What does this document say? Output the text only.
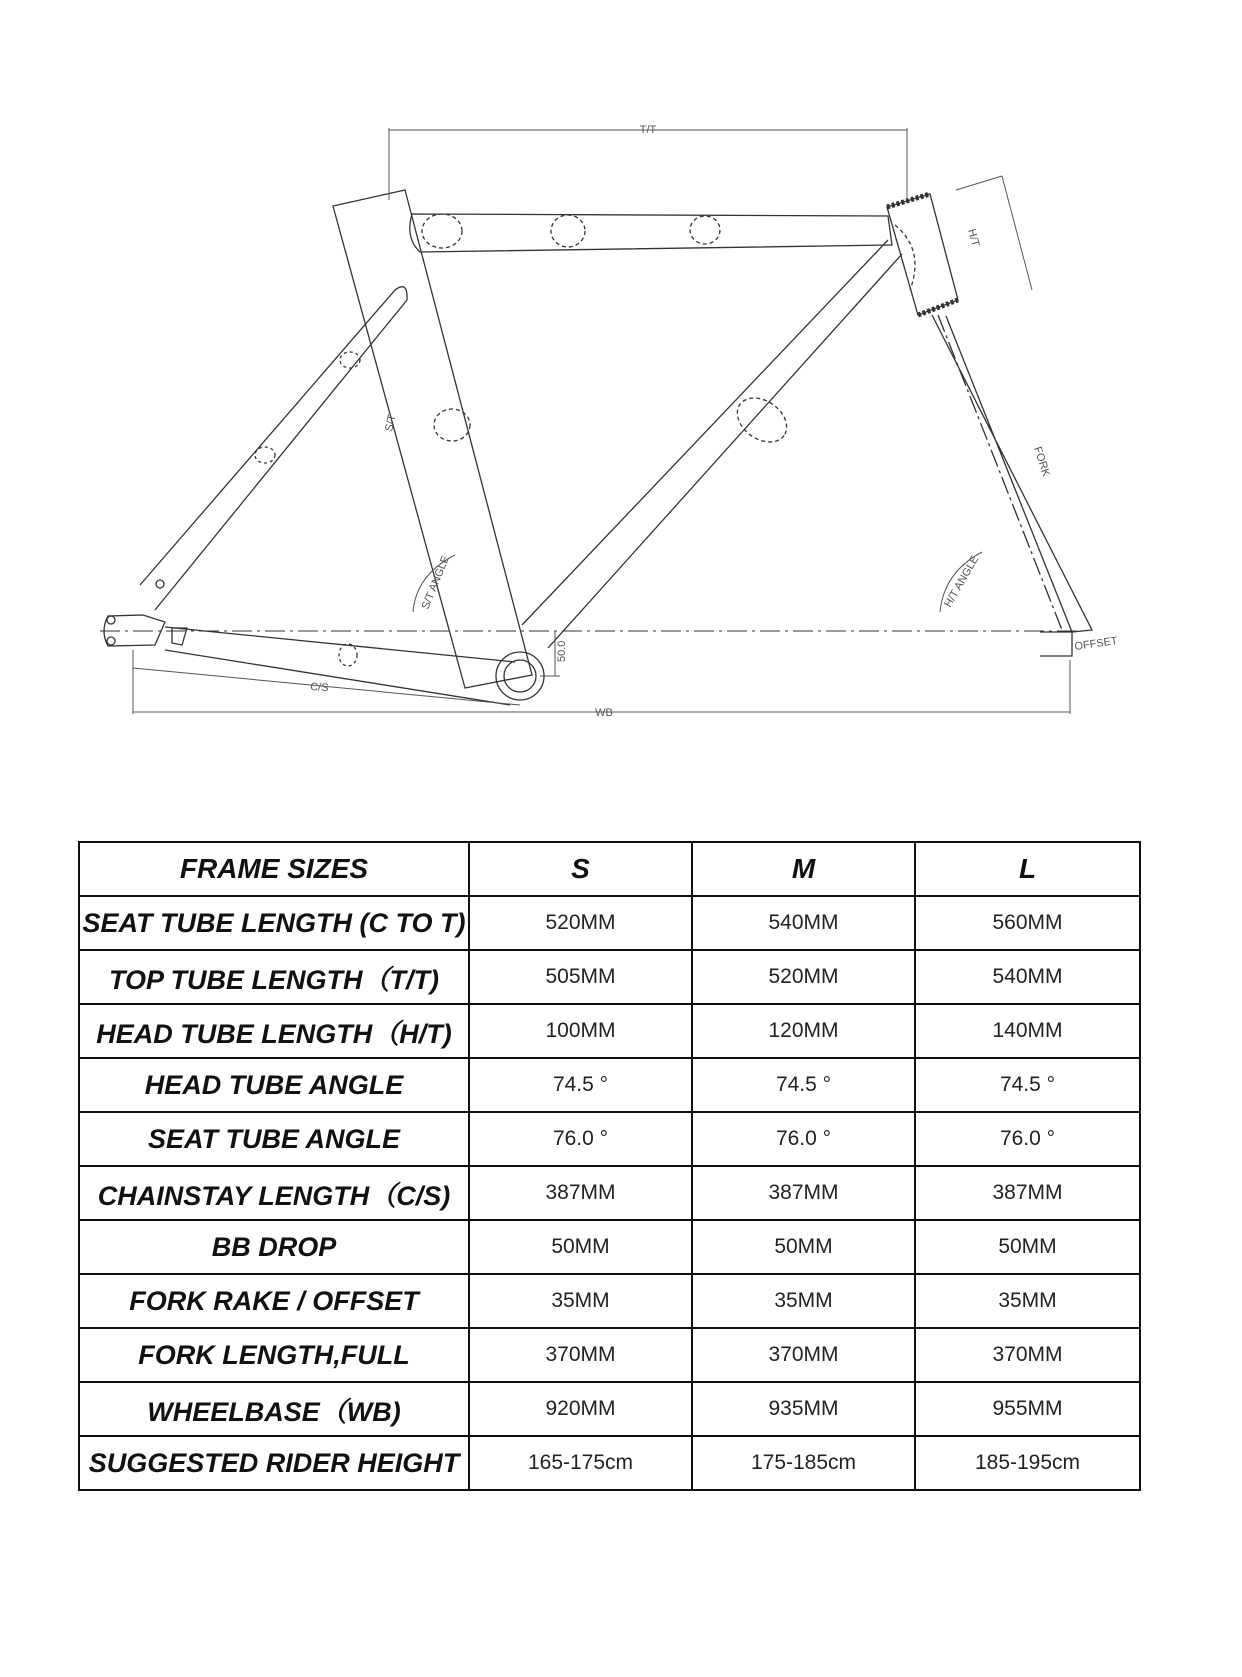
T/T
H/T
S/T
FORK
S/T ANGLE	H/T ANGLE
OFFSET
50.0
C/S
WB
FRAME SIZES	S	M	L
SEAT TUBE LENGTH (C TO T)	520MM	540MM	560MM
TOP TUBE LENGTH（T/T)	505MM	520MM	540MM
HEAD TUBE LENGTH（H/T)	100MM	120MM	140MM
HEAD TUBE ANGLE	74.5 °	74.5 °	74.5 °
SEAT TUBE ANGLE	76.0 °	76.0 °	76.0 °
CHAINSTAY LENGTH（C/S)	387MM	387MM	387MM
BB DROP	50MM	50MM	50MM
FORK RAKE / OFFSET	35MM	35MM	35MM
FORK LENGTH,FULL	370MM	370MM	370MM
WHEELBASE（WB)	920MM	935MM	955MM
SUGGESTED RIDER HEIGHT	165-175cm	175-185cm	185-195cm
